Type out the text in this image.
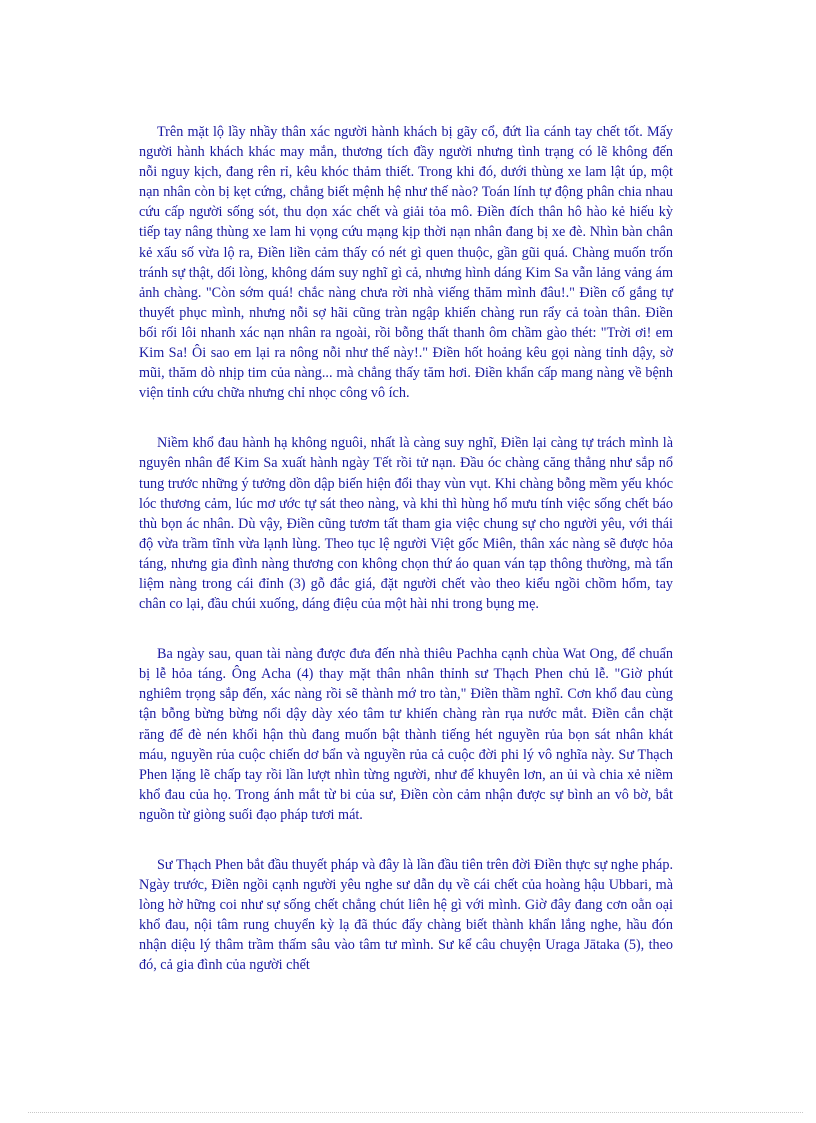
Trên mặt lộ lầy nhầy thân xác người hành khách bị gãy cổ, đứt lìa cánh tay chết tốt. Mấy người hành khách khác may mắn, thương tích đầy người nhưng tình trạng có lẽ không đến nỗi nguy kịch, đang rên rỉ, kêu khóc thảm thiết. Trong khi đó, dưới thùng xe lam lật úp, một nạn nhân còn bị kẹt cứng, chẳng biết mệnh hệ như thế nào? Toán lính tự động phân chia nhau cứu cấp người sống sót, thu dọn xác chết và giải tỏa mô. Điền đích thân hô hào kẻ hiếu kỳ tiếp tay nâng thùng xe lam hi vọng cứu mạng kịp thời nạn nhân đang bị xe đè. Nhìn bàn chân kẻ xấu số vừa lộ ra, Điền liền cảm thấy có nét gì quen thuộc, gần gũi quá. Chàng muốn trốn tránh sự thật, dối lòng, không dám suy nghĩ gì cả, nhưng hình dáng Kim Sa vẫn lảng vảng ám ảnh chàng. "Còn sớm quá! chắc nàng chưa rời nhà viếng thăm mình đâu!." Điền cố gắng tự thuyết phục mình, nhưng nỗi sợ hãi cũng tràn ngập khiến chàng run rẩy cả toàn thân. Điền bối rối lôi nhanh xác nạn nhân ra ngoài, rồi bỗng thất thanh ôm chầm gào thét: "Trời ơi! em Kim Sa! Ôi sao em lại ra nông nỗi như thế này!." Điền hốt hoảng kêu gọi nàng tỉnh dậy, sờ mũi, thăm dò nhịp tim của nàng... mà chẳng thấy tăm hơi. Điền khẩn cấp mang nàng về bệnh viện tỉnh cứu chữa nhưng chỉ nhọc công vô ích.

Niềm khổ đau hành hạ không nguôi, nhất là càng suy nghĩ, Điền lại càng tự trách mình là nguyên nhân để Kim Sa xuất hành ngày Tết rồi tử nạn. Đầu óc chàng căng thẳng như sắp nổ tung trước những ý tưởng dồn dập biến hiện đổi thay vùn vụt. Khi chàng bỗng mềm yếu khóc lóc thương cảm, lúc mơ ước tự sát theo nàng, và khi thì hùng hổ mưu tính việc sống chết báo thù bọn ác nhân. Dù vậy, Điền cũng tươm tất tham gia việc chung sự cho người yêu, với thái độ vừa trầm tĩnh vừa lạnh lùng. Theo tục lệ người Việt gốc Miên, thân xác nàng sẽ được hỏa táng, nhưng gia đình nàng thương con không chọn thứ áo quan ván tạp thông thường, mà tẩn liệm nàng trong cái đỉnh (3) gỗ đắc giá, đặt người chết vào theo kiểu ngồi chồm hổm, tay chân co lại, đầu chúi xuống, dáng điệu của một hài nhi trong bụng mẹ.

Ba ngày sau, quan tài nàng được đưa đến nhà thiêu Pachha cạnh chùa Wat Ong, để chuẩn bị lễ hỏa táng. Ông Acha (4) thay mặt thân nhân thỉnh sư Thạch Phen chủ lễ. "Giờ phút nghiêm trọng sắp đến, xác nàng rồi sẽ thành mớ tro tàn," Điền thầm nghĩ. Cơn khổ đau cùng tận bỗng bừng bừng nổi dậy dày xéo tâm tư khiến chàng ràn rụa nước mắt. Điền cắn chặt răng để đè nén khối hận thù đang muốn bật thành tiếng hét nguyền rủa bọn sát nhân khát máu, nguyền rủa cuộc chiến dơ bẩn và nguyền rủa cả cuộc đời phi lý vô nghĩa này. Sư Thạch Phen lặng lẽ chấp tay rồi lần lượt nhìn từng người, như để khuyên lơn, an ủi và chia xẻ niềm khổ đau của họ. Trong ánh mắt từ bi của sư, Điền còn cảm nhận được sự bình an vô bờ, bắt nguồn từ giòng suối đạo pháp tươi mát.

Sư Thạch Phen bắt đầu thuyết pháp và đây là lần đầu tiên trên đời Điền thực sự nghe pháp. Ngày trước, Điền ngồi cạnh người yêu nghe sư dẫn dụ về cái chết của hoàng hậu Ubbari, mà lòng hờ hững coi như sự sống chết chẳng chút liên hệ gì với mình. Giờ đây đang cơn oằn oại khổ đau, nội tâm rung chuyển kỳ lạ đã thúc đẩy chàng biết thành khẩn lắng nghe, hầu đón nhận diệu lý thâm trầm thấm sâu vào tâm tư mình. Sư kể câu chuyện Uraga Jātaka (5), theo đó, cả gia đình của người chết
